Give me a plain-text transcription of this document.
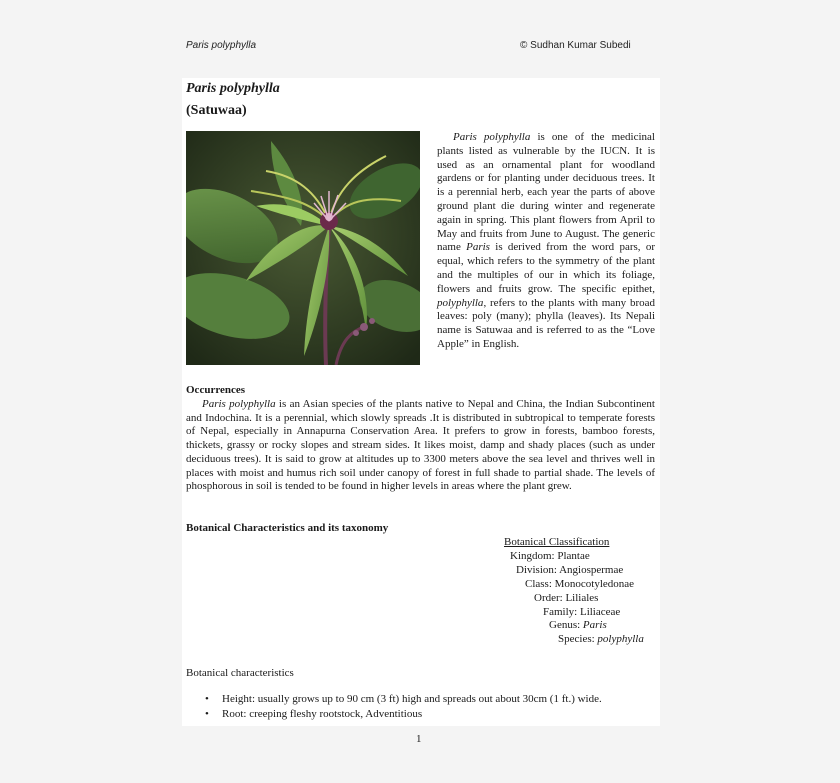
Paris polyphylla	© Sudhan Kumar Subedi
Paris polyphylla
(Satuwaa)
Paris polyphylla is one of the medicinal plants listed as vulnerable by the IUCN. It is used as an ornamental plant for woodland gardens or for planting under deciduous trees. It is a perennial herb, each year the parts of above ground plant die during winter and regenerate again in spring. This plant flowers from April to May and fruits from June to August. The generic name Paris is derived from the word pars, or equal, which refers to the symmetry of the plant and the multiples of our in which its foliage, flowers and fruits grow. The specific epithet, polyphylla, refers to the plants with many broad leaves: poly (many); phylla (leaves). Its Nepali name is Satuwaa and is referred to as the “Love Apple” in English.
Occurrences
Paris polyphylla is an Asian species of the plants native to Nepal and China, the Indian Subcontinent and Indochina. It is a perennial, which slowly spreads .It is distributed in subtropical to temperate forests of Nepal, especially in Annapurna Conservation Area. It prefers to grow in forests, bamboo forests, thickets, grassy or rocky slopes and stream sides. It likes moist, damp and shady places (such as under deciduous trees). It is said to grow at altitudes up to 3300 meters above the sea level and thrives well in places with moist and humus rich soil under canopy of forest in full shade to partial shade. The levels of phosphorous in soil is tended to be found in higher levels in areas where the plant grew.
Botanical Characteristics and its taxonomy
Botanical Classification
Kingdom: Plantae
Division: Angiospermae
Class: Monocotyledonae
Order: Liliales
Family: Liliaceae
Genus: Paris
Species: polyphylla
Botanical characteristics
• Height: usually grows up to 90 cm (3 ft) high and spreads out about 30cm (1 ft.) wide.
• Root: creeping fleshy rootstock, Adventitious
1
